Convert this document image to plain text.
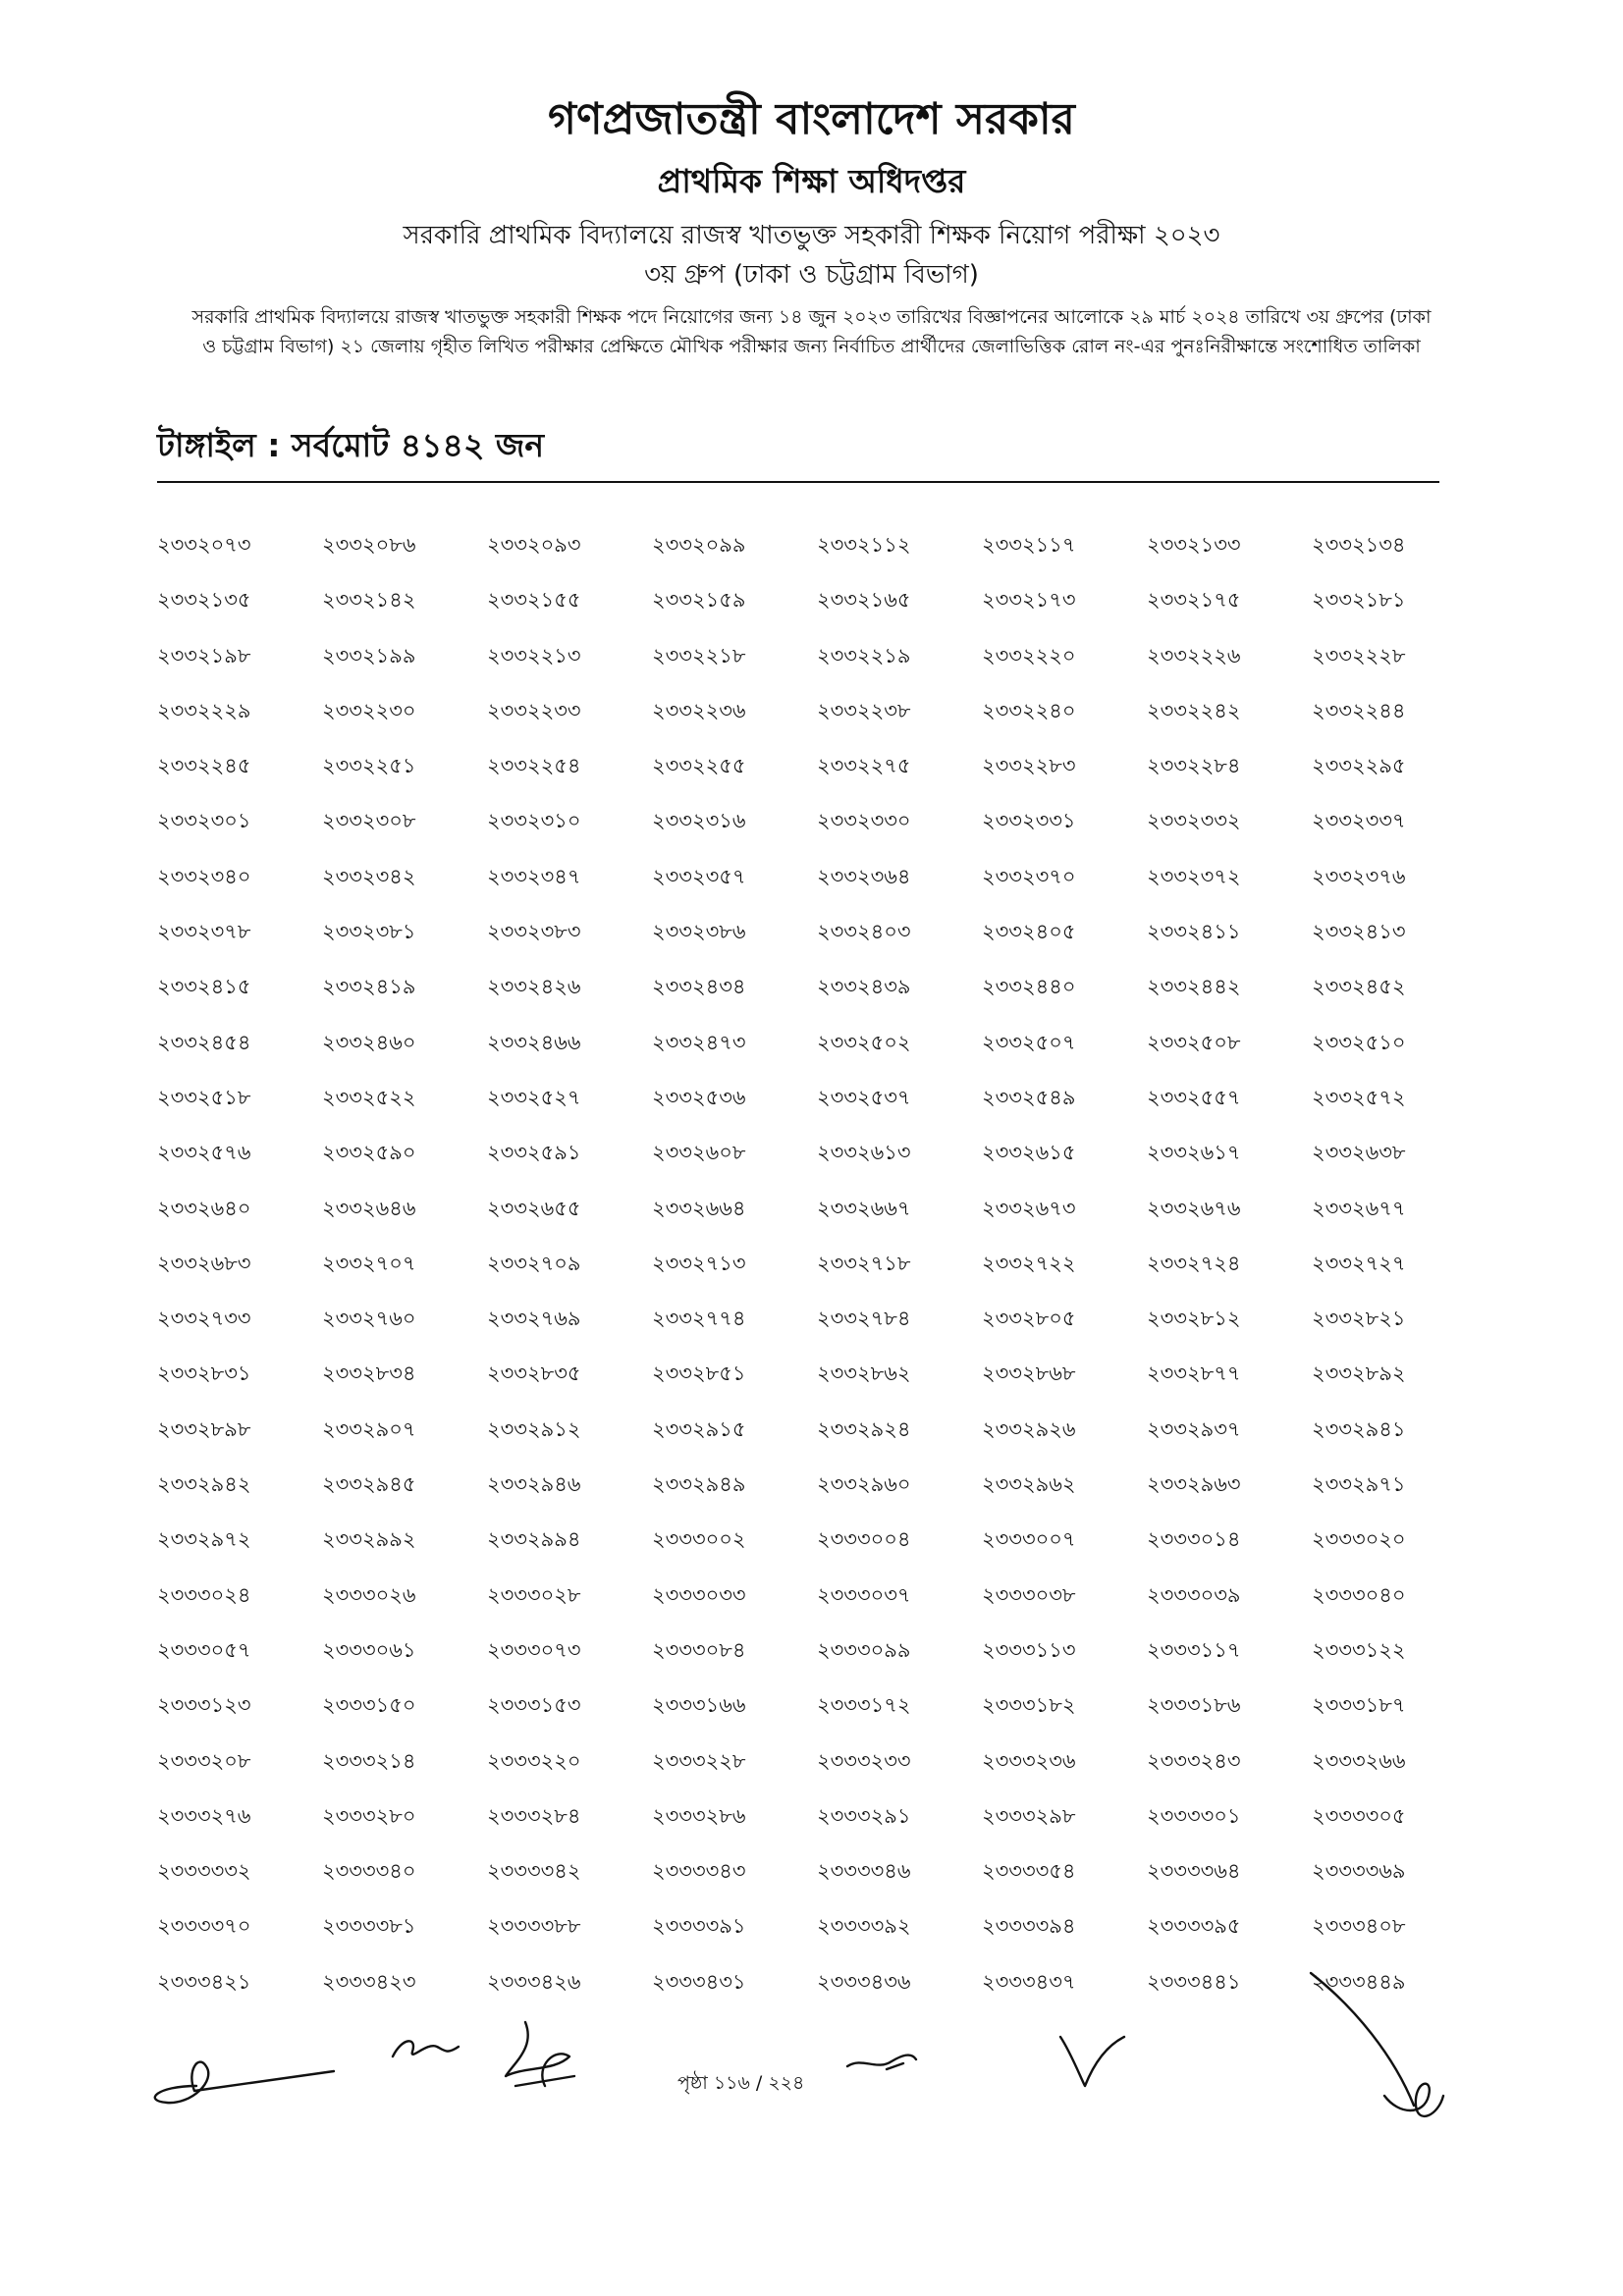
গণপ্রজাতন্ত্রী বাংলাদেশ সরকার
প্রাথমিক শিক্ষা অধিদপ্তর
সরকারি প্রাথমিক বিদ্যালয়ে রাজস্ব খাতভুক্ত সহকারী শিক্ষক নিয়োগ পরীক্ষা ২০২৩
৩য় গ্রুপ (ঢাকা ও চট্টগ্রাম বিভাগ)
সরকারি প্রাথমিক বিদ্যালয়ে রাজস্ব খাতভুক্ত সহকারী শিক্ষক পদে নিয়োগের জন্য ১৪ জুন ২০২৩ তারিখের বিজ্ঞাপনের আলোকে ২৯ মার্চ ২০২৪ তারিখে ৩য় গ্রুপের (ঢাকা ও চট্টগ্রাম বিভাগ) ২১ জেলায় গৃহীত লিখিত পরীক্ষার প্রেক্ষিতে মৌখিক পরীক্ষার জন্য নির্বাচিত প্রার্থীদের জেলাভিত্তিক রোল নং-এর পুনঃনিরীক্ষান্তে সংশোধিত তালিকা
টাঙ্গাইল : সর্বমোট ৪১৪২ জন
২৩৩২০৭৩	২৩৩২০৮৬	২৩৩২০৯৩	২৩৩২০৯৯	২৩৩২১১২	২৩৩২১১৭	২৩৩২১৩৩	২৩৩২১৩৪
২৩৩২১৩৫	২৩৩২১৪২	২৩৩২১৫৫	২৩৩২১৫৯	২৩৩২১৬৫	২৩৩২১৭৩	২৩৩২১৭৫	২৩৩২১৮১
২৩৩২১৯৮	২৩৩২১৯৯	২৩৩২২১৩	২৩৩২২১৮	২৩৩২২১৯	২৩৩২২২০	২৩৩২২২৬	২৩৩২২২৮
২৩৩২২২৯	২৩৩২২৩০	২৩৩২২৩৩	২৩৩২২৩৬	২৩৩২২৩৮	২৩৩২২৪০	২৩৩২২৪২	২৩৩২২৪৪
২৩৩২২৪৫	২৩৩২২৫১	২৩৩২২৫৪	২৩৩২২৫৫	২৩৩২২৭৫	২৩৩২২৮৩	২৩৩২২৮৪	২৩৩২২৯৫
২৩৩২৩০১	২৩৩২৩০৮	২৩৩২৩১০	২৩৩২৩১৬	২৩৩২৩৩০	২৩৩২৩৩১	২৩৩২৩৩২	২৩৩২৩৩৭
২৩৩২৩৪০	২৩৩২৩৪২	২৩৩২৩৪৭	২৩৩২৩৫৭	২৩৩২৩৬৪	২৩৩২৩৭০	২৩৩২৩৭২	২৩৩২৩৭৬
২৩৩২৩৭৮	২৩৩২৩৮১	২৩৩২৩৮৩	২৩৩২৩৮৬	২৩৩২৪০৩	২৩৩২৪০৫	২৩৩২৪১১	২৩৩২৪১৩
২৩৩২৪১৫	২৩৩২৪১৯	২৩৩২৪২৬	২৩৩২৪৩৪	২৩৩২৪৩৯	২৩৩২৪৪০	২৩৩২৪৪২	২৩৩২৪৫২
২৩৩২৪৫৪	২৩৩২৪৬০	২৩৩২৪৬৬	২৩৩২৪৭৩	২৩৩২৫০২	২৩৩২৫০৭	২৩৩২৫০৮	২৩৩২৫১০
২৩৩২৫১৮	২৩৩২৫২২	২৩৩২৫২৭	২৩৩২৫৩৬	২৩৩২৫৩৭	২৩৩২৫৪৯	২৩৩২৫৫৭	২৩৩২৫৭২
২৩৩২৫৭৬	২৩৩২৫৯০	২৩৩২৫৯১	২৩৩২৬০৮	২৩৩২৬১৩	২৩৩২৬১৫	২৩৩২৬১৭	২৩৩২৬৩৮
২৩৩২৬৪০	২৩৩২৬৪৬	২৩৩২৬৫৫	২৩৩২৬৬৪	২৩৩২৬৬৭	২৩৩২৬৭৩	২৩৩২৬৭৬	২৩৩২৬৭৭
২৩৩২৬৮৩	২৩৩২৭০৭	২৩৩২৭০৯	২৩৩২৭১৩	২৩৩২৭১৮	২৩৩২৭২২	২৩৩২৭২৪	২৩৩২৭২৭
২৩৩২৭৩৩	২৩৩২৭৬০	২৩৩২৭৬৯	২৩৩২৭৭৪	২৩৩২৭৮৪	২৩৩২৮০৫	২৩৩২৮১২	২৩৩২৮২১
২৩৩২৮৩১	২৩৩২৮৩৪	২৩৩২৮৩৫	২৩৩২৮৫১	২৩৩২৮৬২	২৩৩২৮৬৮	২৩৩২৮৭৭	২৩৩২৮৯২
২৩৩২৮৯৮	২৩৩২৯০৭	২৩৩২৯১২	২৩৩২৯১৫	২৩৩২৯২৪	২৩৩২৯২৬	২৩৩২৯৩৭	২৩৩২৯৪১
২৩৩২৯৪২	২৩৩২৯৪৫	২৩৩২৯৪৬	২৩৩২৯৪৯	২৩৩২৯৬০	২৩৩২৯৬২	২৩৩২৯৬৩	২৩৩২৯৭১
২৩৩২৯৭২	২৩৩২৯৯২	২৩৩২৯৯৪	২৩৩৩০০২	২৩৩৩০০৪	২৩৩৩০০৭	২৩৩৩০১৪	২৩৩৩০২০
২৩৩৩০২৪	২৩৩৩০২৬	২৩৩৩০২৮	২৩৩৩০৩৩	২৩৩৩০৩৭	২৩৩৩০৩৮	২৩৩৩০৩৯	২৩৩৩০৪০
২৩৩৩০৫৭	২৩৩৩০৬১	২৩৩৩০৭৩	২৩৩৩০৮৪	২৩৩৩০৯৯	২৩৩৩১১৩	২৩৩৩১১৭	২৩৩৩১২২
২৩৩৩১২৩	২৩৩৩১৫০	২৩৩৩১৫৩	২৩৩৩১৬৬	২৩৩৩১৭২	২৩৩৩১৮২	২৩৩৩১৮৬	২৩৩৩১৮৭
২৩৩৩২০৮	২৩৩৩২১৪	২৩৩৩২২০	২৩৩৩২২৮	২৩৩৩২৩৩	২৩৩৩২৩৬	২৩৩৩২৪৩	২৩৩৩২৬৬
২৩৩৩২৭৬	২৩৩৩২৮০	২৩৩৩২৮৪	২৩৩৩২৮৬	২৩৩৩২৯১	২৩৩৩২৯৮	২৩৩৩৩০১	২৩৩৩৩০৫
২৩৩৩৩৩২	২৩৩৩৩৪০	২৩৩৩৩৪২	২৩৩৩৩৪৩	২৩৩৩৩৪৬	২৩৩৩৩৫৪	২৩৩৩৩৬৪	২৩৩৩৩৬৯
২৩৩৩৩৭০	২৩৩৩৩৮১	২৩৩৩৩৮৮	২৩৩৩৩৯১	২৩৩৩৩৯২	২৩৩৩৩৯৪	২৩৩৩৩৯৫	২৩৩৩৪০৮
২৩৩৩৪২১	২৩৩৩৪২৩	২৩৩৩৪২৬	২৩৩৩৪৩১	২৩৩৩৪৩৬	২৩৩৩৪৩৭	২৩৩৩৪৪১	২৩৩৩৪৪৯
পৃষ্ঠা ১১৬ / ২২৪
